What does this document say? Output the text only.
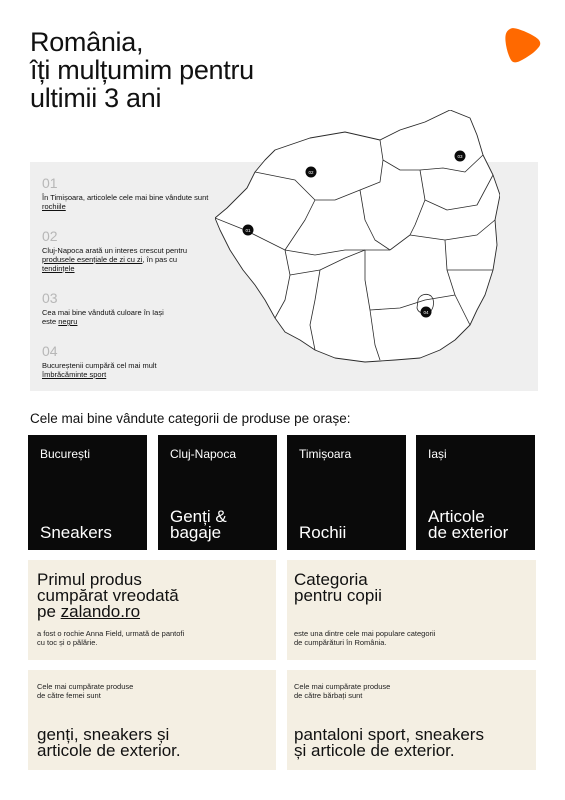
România,
îți mulțumim pentru
ultimii 3 ani
01
02
03
04
01
În Timișoara, articolele cele mai bine vândute sunt rochiile
02
Cluj-Napoca arată un interes crescut pentru produsele esențiale de zi cu zi, în pas cu tendințele
03
Cea mai bine vândută culoare în Iași este negru
04
Bucureștenii cumpără cel mai mult îmbrăcăminte sport
Cele mai bine vândute categorii de produse pe orașe:
București
Sneakers
Cluj-Napoca
Genți &
bagaje
Timișoara
Rochii
Iași
Articole
de exterior
Primul produs
cumpărat vreodată
pe zalando.ro
a fost o rochie Anna Field, urmată de pantofi
cu toc și o pălărie.
Categoria
pentru copii
este una dintre cele mai populare categorii
de cumpărături în România.
Cele mai cumpărate produse
de către femei sunt
genți, sneakers și
articole de exterior.
Cele mai cumpărate produse
de către bărbați sunt
pantaloni sport, sneakers
și articole de exterior.
